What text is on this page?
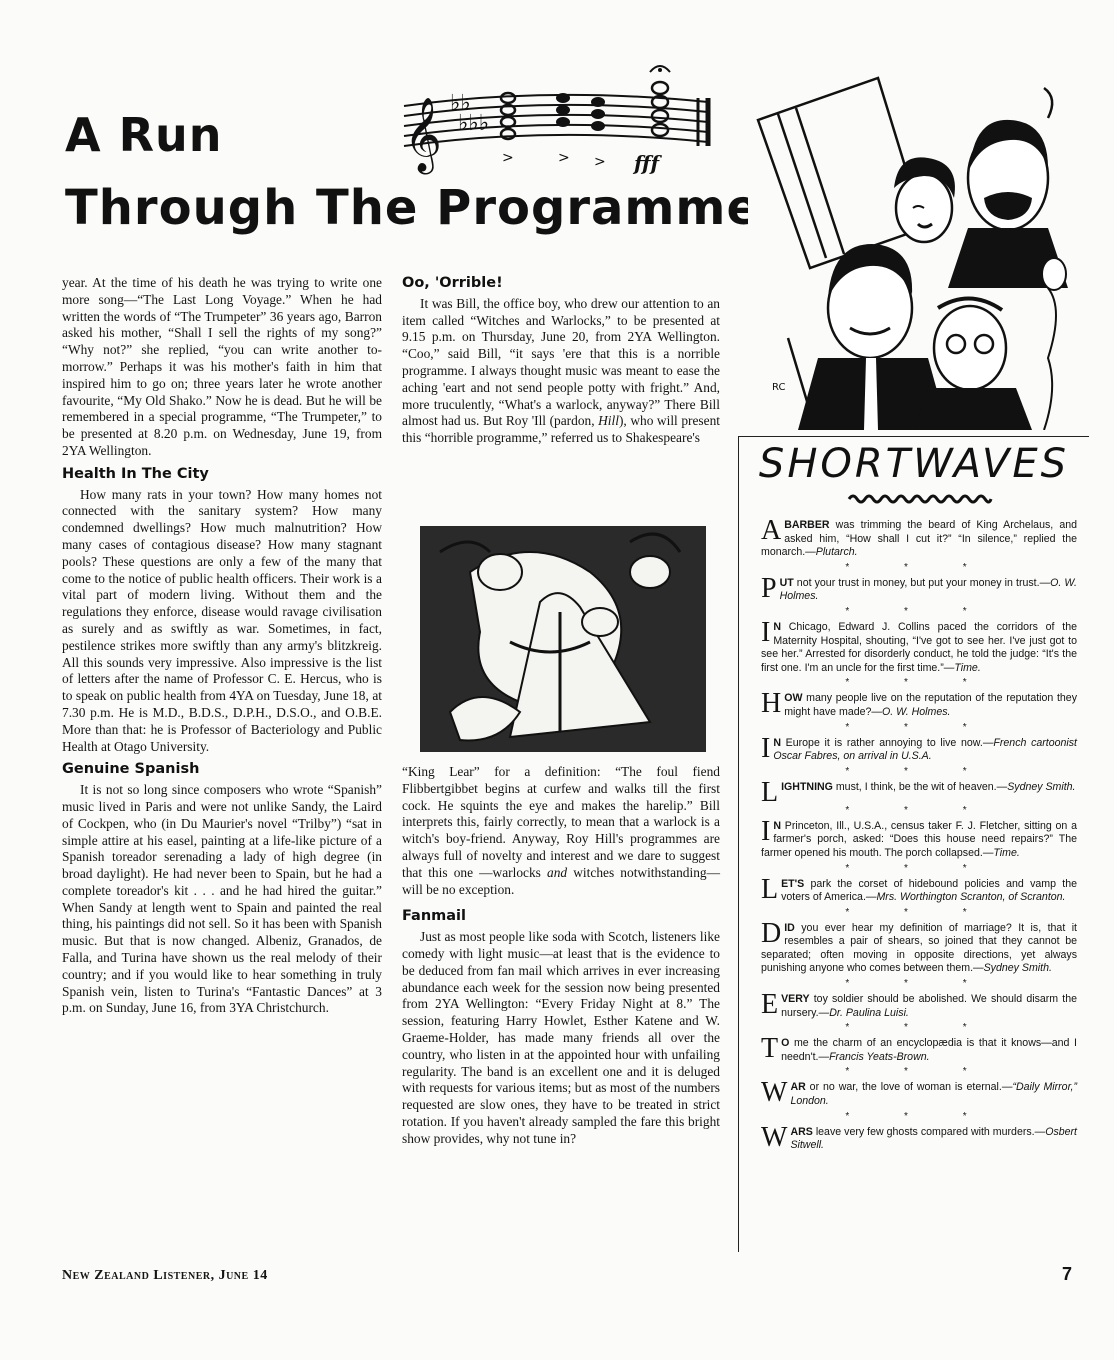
A Run
Through The Programmes
𝄞 ♭♭
♭♭♭
>	> > fff
RC

year. At the time of his death he was trying to write one more song—“The Last Long Voyage.” When he had written the words of “The Trumpeter” 36 years ago, Barron asked his mother, “Shall I sell the rights of my song?” “Why not?” she replied, “you can write another to-morrow.” Perhaps it was his mother's faith in him that inspired him to go on; three years later he wrote another favourite, “My Old Shako.” Now he is dead. But he will be remembered in a special programme, “The Trumpeter,” to be presented at 8.20 p.m. on Wednesday, June 19, from 2YA Wellington.

Health In The City

How many rats in your town? How many homes not connected with the sanitary system? How many condemned dwellings? How much malnutrition? How many cases of contagious disease? How many stagnant pools? These questions are only a few of the many that come to the notice of public health officers. Their work is a vital part of modern living. Without them and the regulations they enforce, disease would ravage civilisation as surely and as swiftly as war. Sometimes, in fact, pestilence strikes more swiftly than any army's blitzkreig. All this sounds very impressive. Also impressive is the list of letters after the name of Professor C. E. Hercus, who is to speak on public health from 4YA on Tuesday, June 18, at 7.30 p.m. He is M.D., B.D.S., D.P.H., D.S.O., and O.B.E. More than that: he is Professor of Bacteriology and Public Health at Otago University.

Genuine Spanish

It is not so long since composers who wrote “Spanish” music lived in Paris and were not unlike Sandy, the Laird of Cockpen, who (in Du Maurier's novel “Trilby”) “sat in simple attire at his easel, painting at a life-like picture of a Spanish toreador serenading a lady of high degree (in broad daylight). He had never been to Spain, but he had a complete toreador's kit . . . and he had hired the guitar.” When Sandy at length went to Spain and painted the real thing, his paintings did not sell. So it has been with Spanish music. But that is now changed. Albeniz, Granados, de Falla, and Turina have shown us the real melody of their country; and if you would like to hear something in truly Spanish vein, listen to Turina's “Fantastic Dances” at 3 p.m. on Sunday, June 16, from 3YA Christchurch.

Oo, 'Orrible!

It was Bill, the office boy, who drew our attention to an item called “Witches and Warlocks,” to be presented at 9.15 p.m. on Thursday, June 20, from 2YA Wellington. “Coo,” said Bill, “it says 'ere that this is a norrible programme. I always thought music was meant to ease the aching 'eart and not send people potty with fright.” And, more truculently, “What's a warlock, anyway?” There Bill almost had us. But Roy 'Ill (pardon, Hill), who will present this “horrible programme,” referred us to Shakespeare's

“King Lear” for a definition: “The foul fiend Flibbertgibbet begins at curfew and walks till the first cock. He squints the eye and makes the harelip.” Bill interprets this, fairly correctly, to mean that a warlock is a witch's boy-friend. Anyway, Roy Hill's programmes are always full of novelty and interest and we dare to suggest that this one —warlocks and witches notwithstanding— will be no exception.

Fanmail

Just as most people like soda with Scotch, listeners like comedy with light music—at least that is the evidence to be deduced from fan mail which arrives in ever increasing abundance each week for the session now being presented from 2YA Wellington: “Every Friday Night at 8.” The session, featuring Harry Howlet, Esther Katene and W. Graeme-Holder, has made many friends all over the country, who listen in at the appointed hour with unfailing regularity. The band is an excellent one and it is deluged with requests for various items; but as most of the numbers requested are slow ones, they have to be treated in strict rotation. If you haven't already sampled the fare this bright show provides, why not tune in?

SHORTWAVES
ABARBER was trimming the beard of King Archelaus, and asked him, “How shall I cut it?” “In silence,” replied the monarch.—Plutarch.
* * *
PUT not your trust in money, but put your money in trust.—O. W. Holmes.
* * *
I N Chicago, Edward J. Collins paced the corridors of the Maternity Hospital, shouting, “I've got to see her. I've just got to see her.” Arrested for disorderly conduct, he told the judge: “It's the first one. I'm an uncle for the first time.”—Time.
* * *
HOW many people live on the reputation of the reputation they might have made?—O. W. Holmes.
* * *
I N Europe it is rather annoying to live now.—French cartoonist Oscar Fabres, on arrival in U.S.A.
* * *
LIGHTNING must, I think, be the wit of heaven.—Sydney Smith.
* * *
I N Princeton, Ill., U.S.A., census taker F. J. Fletcher, sitting on a farmer's porch, asked: “Does this house need repairs?” The farmer opened his mouth. The porch collapsed.—Time.
* * *
LET'S park the corset of hidebound policies and vamp the voters of America.—Mrs. Worthington Scranton, of Scranton.
* * *
DID you ever hear my definition of marriage? It is, that it resembles a pair of shears, so joined that they cannot be separated; often moving in opposite directions, yet always punishing anyone who comes between them.—Sydney Smith.
* * *
EVERY toy soldier should be abolished. We should disarm the nursery.—Dr. Paulina Luisi.
* * *
T O me the charm of an encyclopædia is that it knows—and I needn't.—Francis Yeats-Brown.
* * *
WAR or no war, the love of woman is eternal.—“Daily Mirror,” London.
* * *
WARS leave very few ghosts compared with murders.—Osbert Sitwell.
New Zealand Listener, June 14	7
